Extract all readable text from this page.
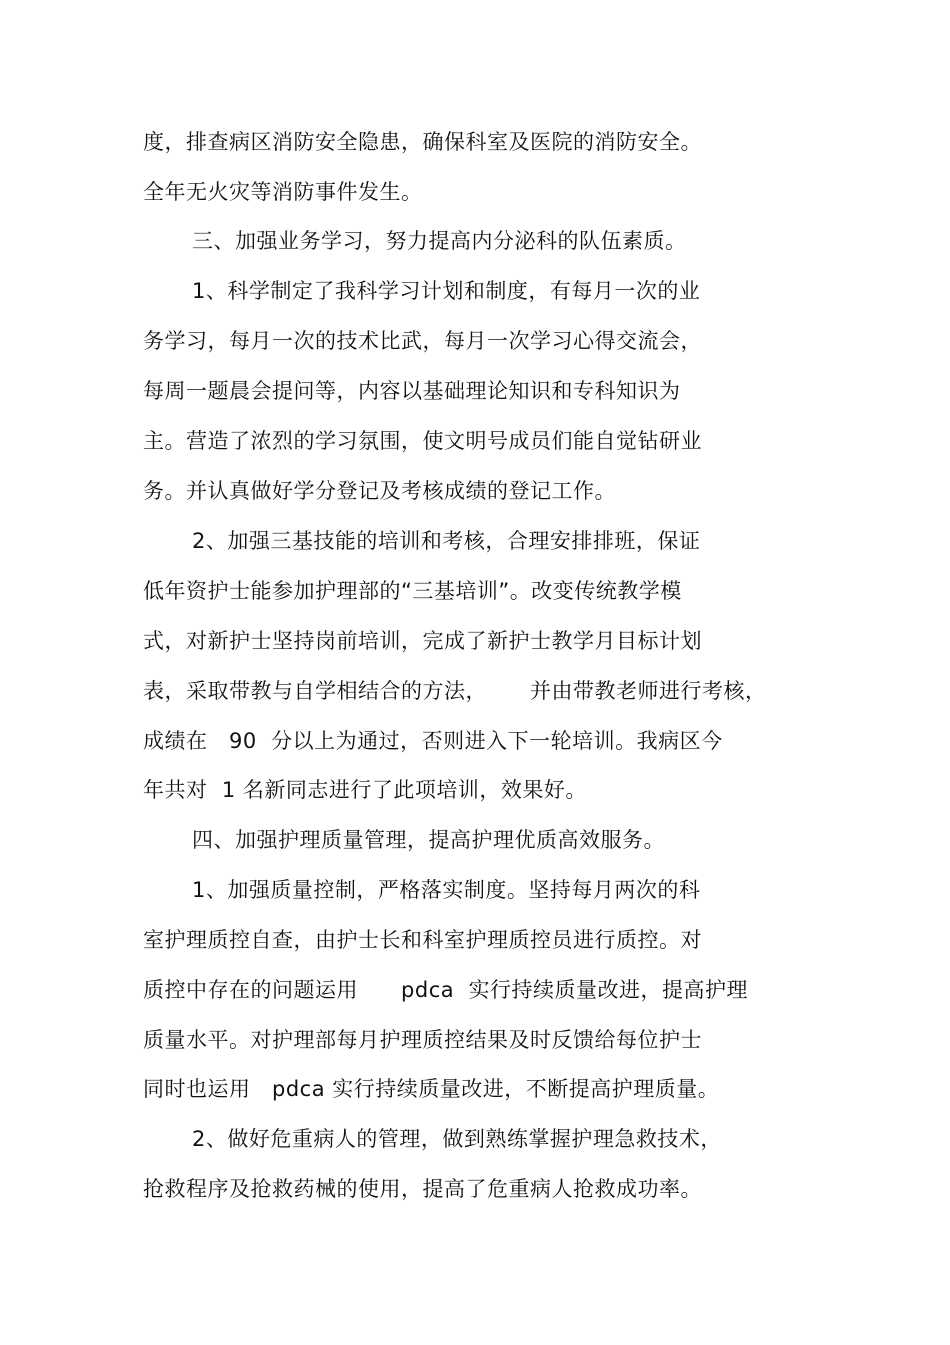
度，排查病区消防安全隐患，确保科室及医院的消防安全。
全年无火灾等消防事件发生。
三、加强业务学习，努力提高内分泌科的队伍素质。
1、科学制定了我科学习计划和制度，有每月一次的业
务学习，每月一次的技术比武，每月一次学习心得交流会，
每周一题晨会提问等，内容以基础理论知识和专科知识为
主。营造了浓烈的学习氛围，使文明号成员们能自觉钻研业
务。并认真做好学分登记及考核成绩的登记工作。
2、加强三基技能的培训和考核，合理安排排班，保证
低年资护士能参加护理部的“三基培训”。改变传统教学模
式，对新护士坚持岗前培训，完成了新护士教学月目标计划
表，采取带教与自学相结合的方法，      并由带教老师进行考核，
成绩在   90  分以上为通过，否则进入下一轮培训。我病区今
年共对  1 名新同志进行了此项培训，效果好。
四、加强护理质量管理，提高护理优质高效服务。
1、加强质量控制，严格落实制度。坚持每月两次的科
室护理质控自查，由护士长和科室护理质控员进行质控。对
质控中存在的问题运用      pdca  实行持续质量改进，提高护理
质量水平。对护理部每月护理质控结果及时反馈给每位护士
同时也运用   pdca 实行持续质量改进，不断提高护理质量。
2、做好危重病人的管理，做到熟练掌握护理急救技术，
抢救程序及抢救药械的使用，提高了危重病人抢救成功率。
